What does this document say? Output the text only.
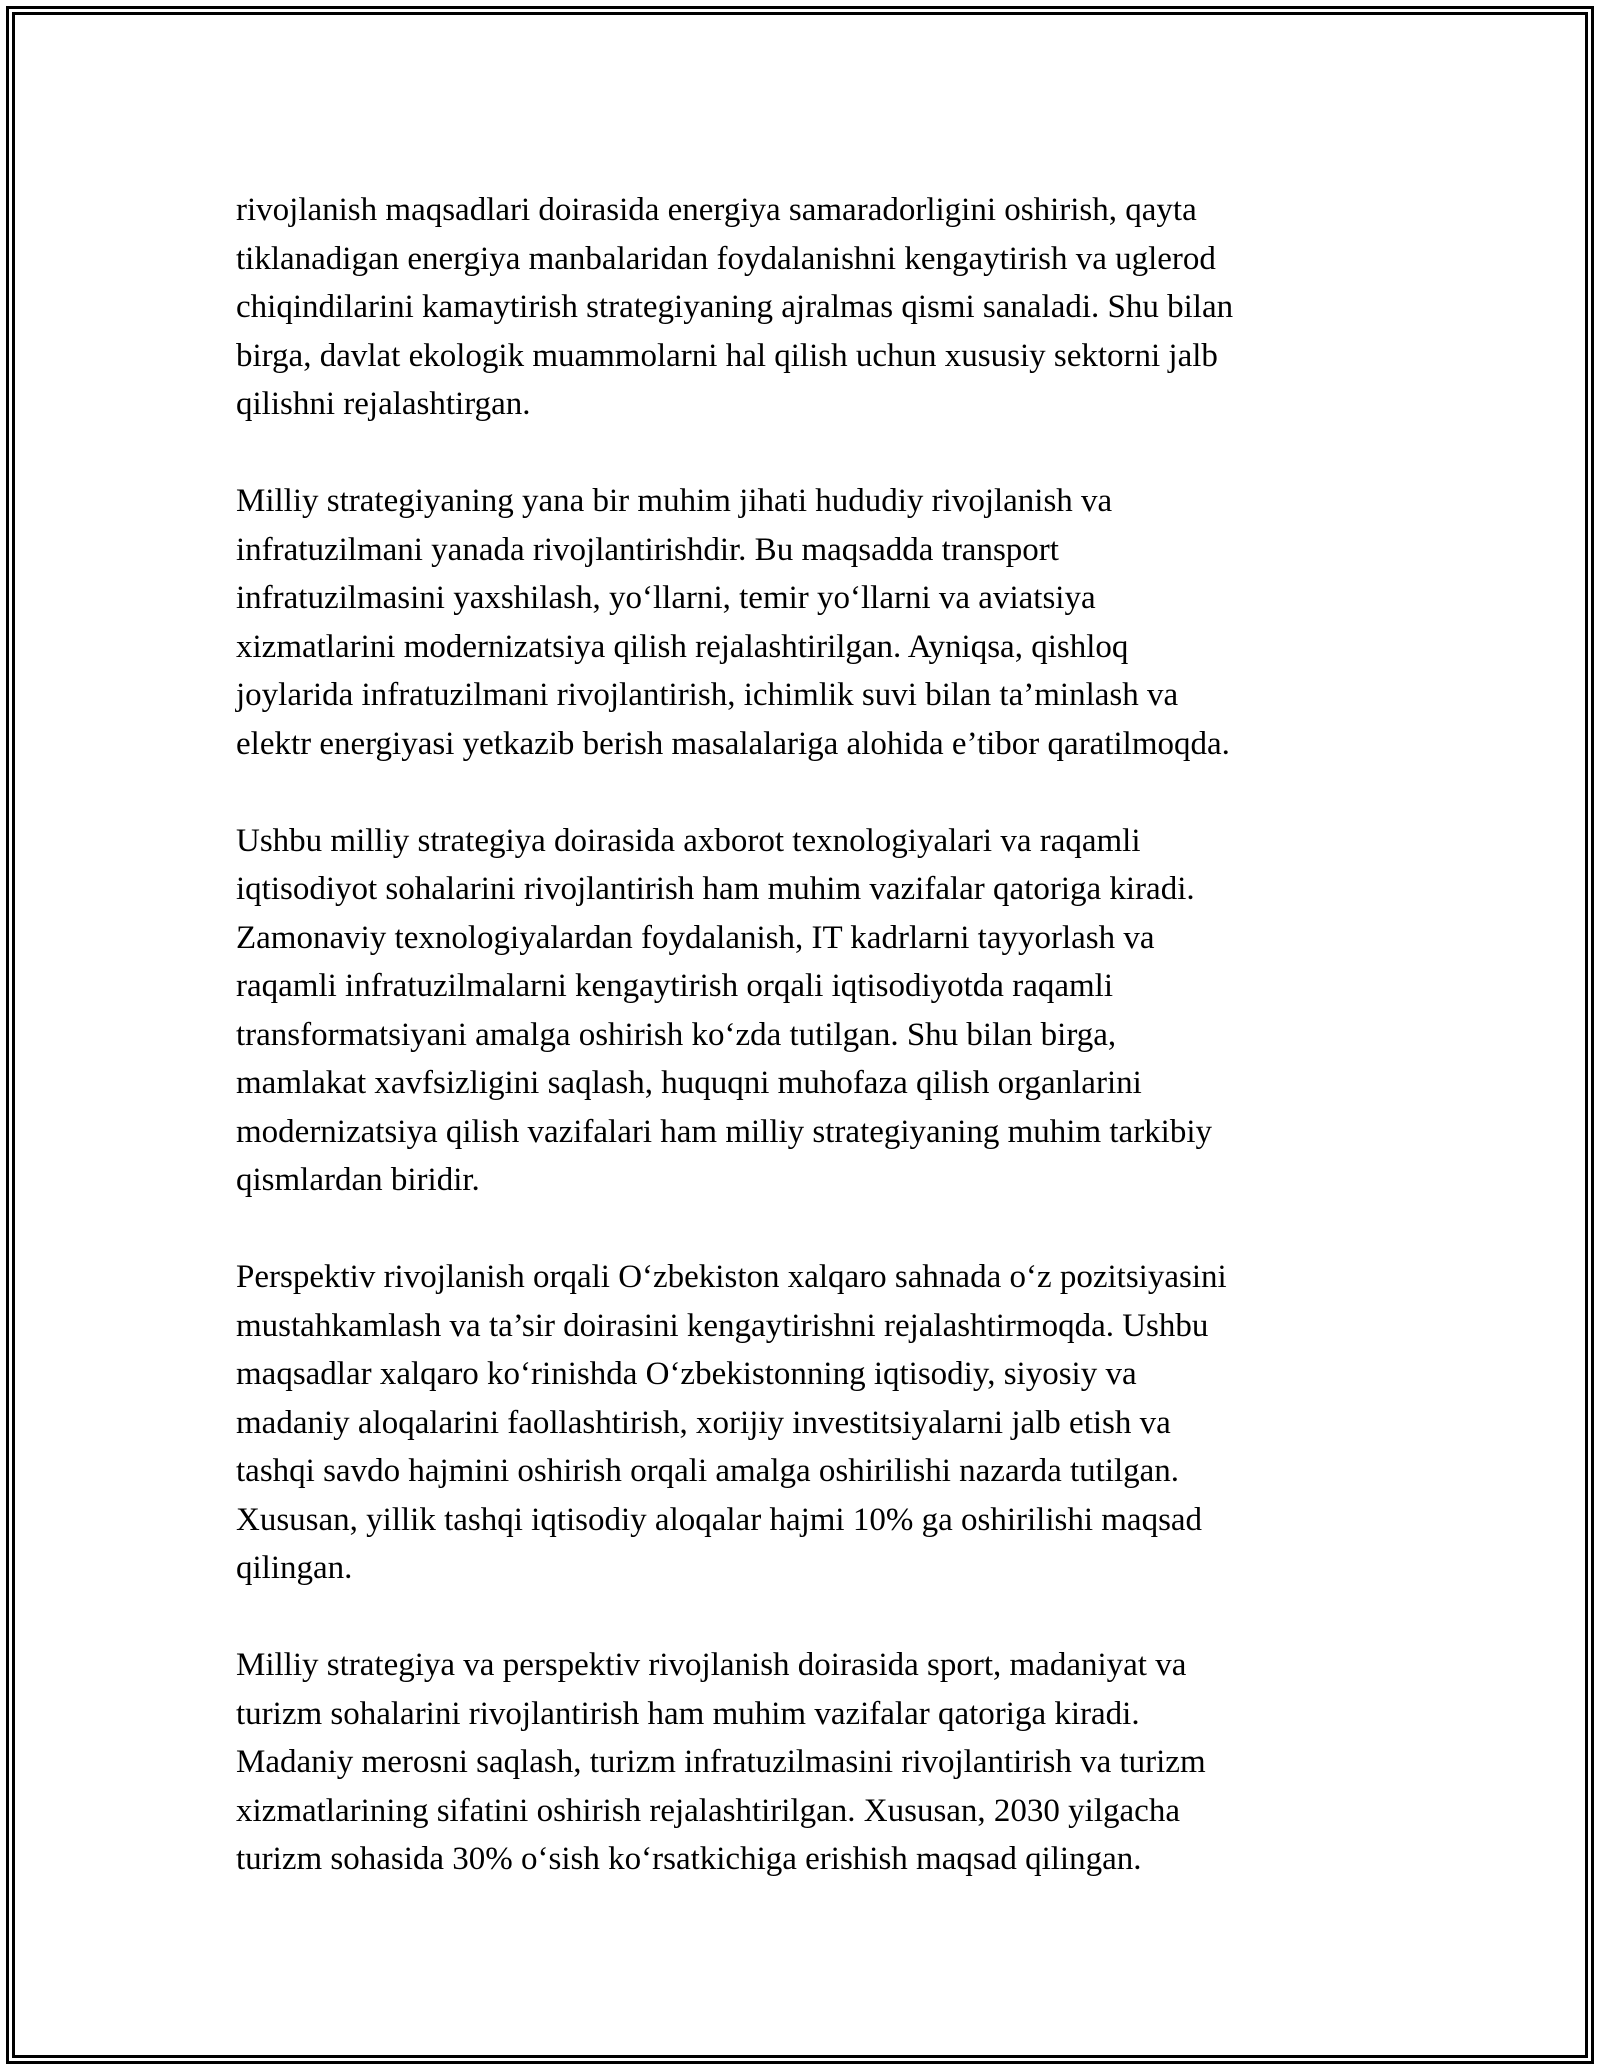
rivojlanish maqsadlari doirasida energiya samaradorligini oshirish, qayta
tiklanadigan energiya manbalaridan foydalanishni kengaytirish va uglerod
chiqindilarini kamaytirish strategiyaning ajralmas qismi sanaladi. Shu bilan
birga, davlat ekologik muammolarni hal qilish uchun xususiy sektorni jalb
qilishni rejalashtirgan.

Milliy strategiyaning yana bir muhim jihati hududiy rivojlanish va
infratuzilmani yanada rivojlantirishdir. Bu maqsadda transport
infratuzilmasini yaxshilash, yo‘llarni, temir yo‘llarni va aviatsiya
xizmatlarini modernizatsiya qilish rejalashtirilgan. Ayniqsa, qishloq
joylarida infratuzilmani rivojlantirish, ichimlik suvi bilan ta’minlash va
elektr energiyasi yetkazib berish masalalariga alohida e’tibor qaratilmoqda.

Ushbu milliy strategiya doirasida axborot texnologiyalari va raqamli
iqtisodiyot sohalarini rivojlantirish ham muhim vazifalar qatoriga kiradi.
Zamonaviy texnologiyalardan foydalanish, IT kadrlarni tayyorlash va
raqamli infratuzilmalarni kengaytirish orqali iqtisodiyotda raqamli
transformatsiyani amalga oshirish ko‘zda tutilgan. Shu bilan birga,
mamlakat xavfsizligini saqlash, huquqni muhofaza qilish organlarini
modernizatsiya qilish vazifalari ham milliy strategiyaning muhim tarkibiy
qismlardan biridir.

Perspektiv rivojlanish orqali O‘zbekiston xalqaro sahnada o‘z pozitsiyasini
mustahkamlash va ta’sir doirasini kengaytirishni rejalashtirmoqda. Ushbu
maqsadlar xalqaro ko‘rinishda O‘zbekistonning iqtisodiy, siyosiy va
madaniy aloqalarini faollashtirish, xorijiy investitsiyalarni jalb etish va
tashqi savdo hajmini oshirish orqali amalga oshirilishi nazarda tutilgan.
Xususan, yillik tashqi iqtisodiy aloqalar hajmi 10% ga oshirilishi maqsad
qilingan.

Milliy strategiya va perspektiv rivojlanish doirasida sport, madaniyat va
turizm sohalarini rivojlantirish ham muhim vazifalar qatoriga kiradi.
Madaniy merosni saqlash, turizm infratuzilmasini rivojlantirish va turizm
xizmatlarining sifatini oshirish rejalashtirilgan. Xususan, 2030 yilgacha
turizm sohasida 30% o‘sish ko‘rsatkichiga erishish maqsad qilingan.
